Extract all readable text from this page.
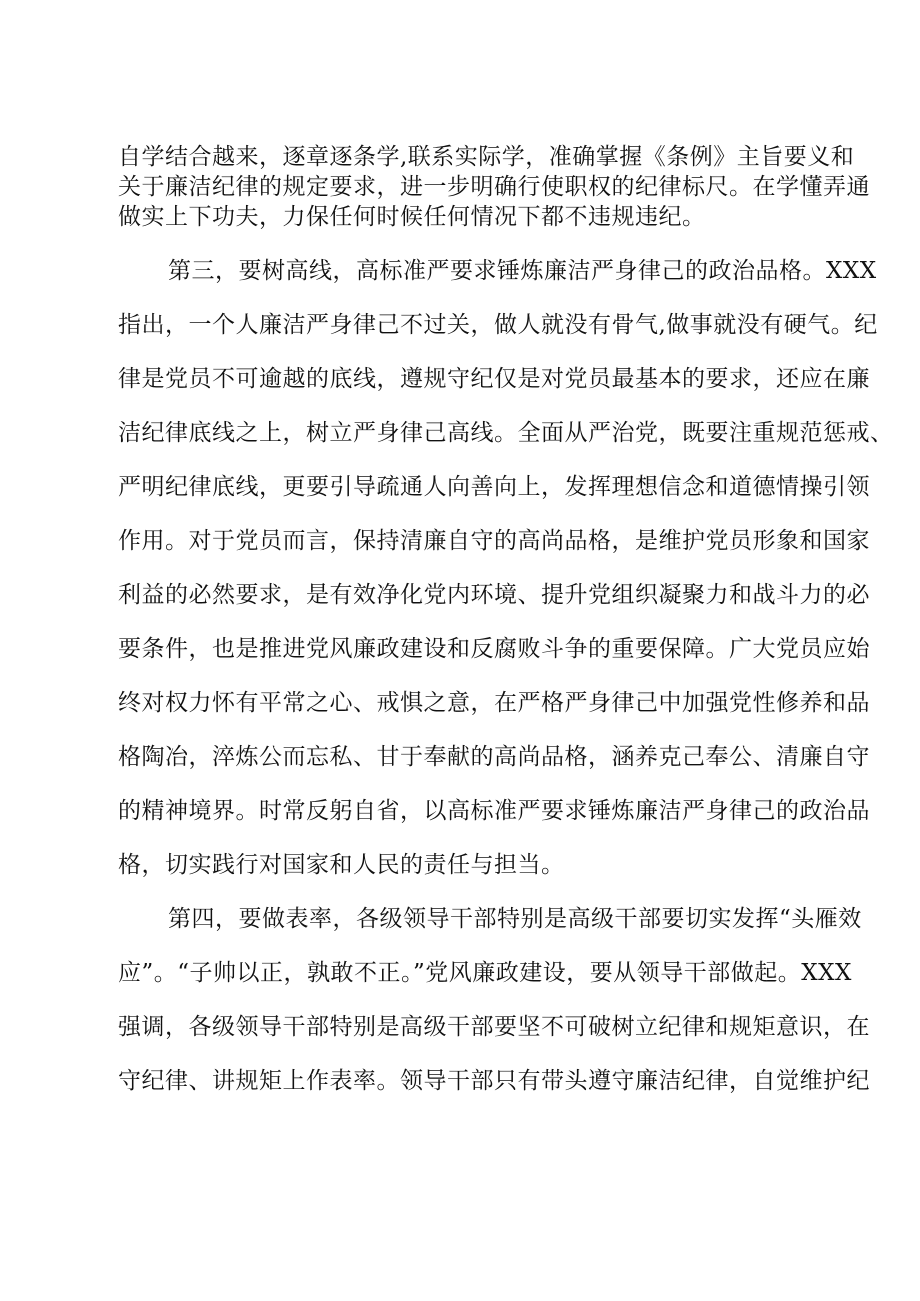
自学结合越来，逐章逐条学,联系实际学，准确掌握《条例》主旨要义和
关于廉洁纪律的规定要求，进一步明确行使职权的纪律标尺。在学懂弄通
做实上下功夫，力保任何时候任何情况下都不违规违纪。
第三，要树高线，高标准严要求锤炼廉洁严身律己的政治品格。XXX
指出，一个人廉洁严身律己不过关，做人就没有骨气,做事就没有硬气。纪
律是党员不可逾越的底线，遵规守纪仅是对党员最基本的要求，还应在廉
洁纪律底线之上，树立严身律己高线。全面从严治党，既要注重规范惩戒、
严明纪律底线，更要引导疏通人向善向上，发挥理想信念和道德情操引领
作用。对于党员而言，保持清廉自守的高尚品格，是维护党员形象和国家
利益的必然要求，是有效净化党内环境、提升党组织凝聚力和战斗力的必
要条件，也是推进党风廉政建设和反腐败斗争的重要保障。广大党员应始
终对权力怀有平常之心、戒惧之意，在严格严身律己中加强党性修养和品
格陶冶，淬炼公而忘私、甘于奉献的高尚品格，涵养克己奉公、清廉自守
的精神境界。时常反躬自省，以高标准严要求锤炼廉洁严身律己的政治品
格，切实践行对国家和人民的责任与担当。
第四，要做表率，各级领导干部特别是高级干部要切实发挥“头雁效
应”。“子帅以正，孰敢不正。”党风廉政建设，要从领导干部做起。XXX
强调，各级领导干部特别是高级干部要坚不可破树立纪律和规矩意识，在
守纪律、讲规矩上作表率。领导干部只有带头遵守廉洁纪律，自觉维护纪
